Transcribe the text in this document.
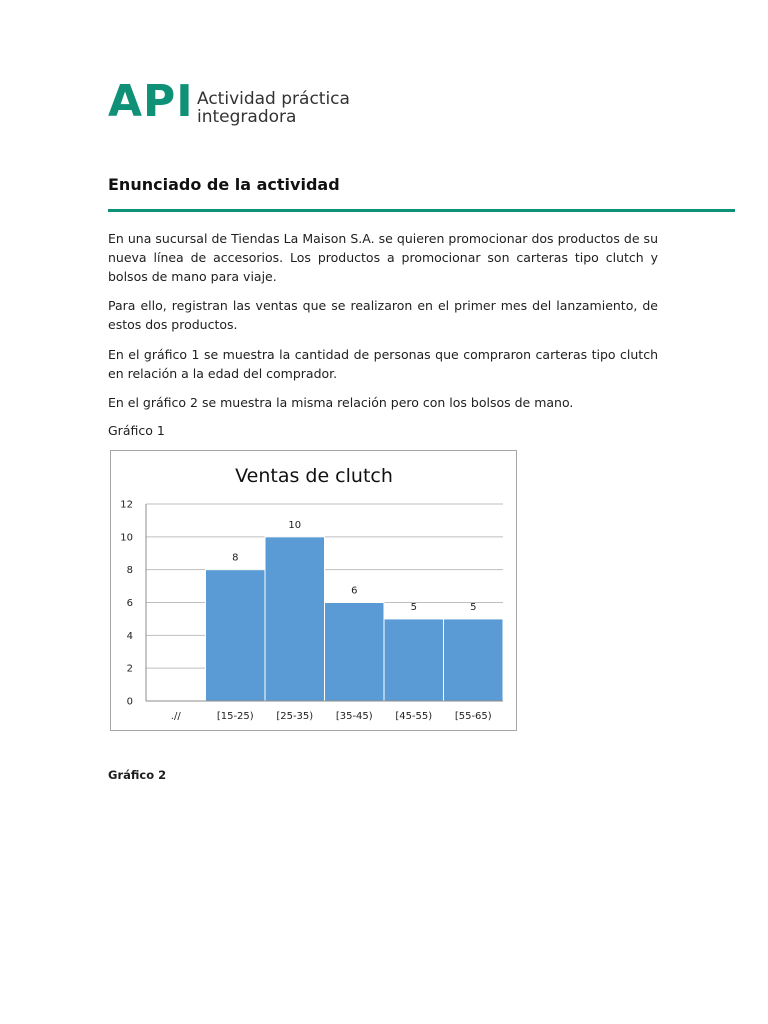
API Actividad práctica
integradora
Enunciado de la actividad

En una sucursal de Tiendas La Maison S.A. se quieren promocionar dos productos de su nueva línea de accesorios. Los productos a promocionar son carteras tipo clutch y bolsos de mano para viaje.

Para ello, registran las ventas que se realizaron en el primer mes del lanzamiento, de estos dos productos.

En el gráfico 1 se muestra la cantidad de personas que compraron carteras tipo clutch en relación a la edad del comprador.

En el gráfico 2 se muestra la misma relación pero con los bolsos de mano.

Gráfico 1
Ventas de clutch
8
10
6
5	5
0
2
4
6
8
10
12
.//	[15-25) [25-35) [35-45) [45-55) [55-65)
Gráfico 2
